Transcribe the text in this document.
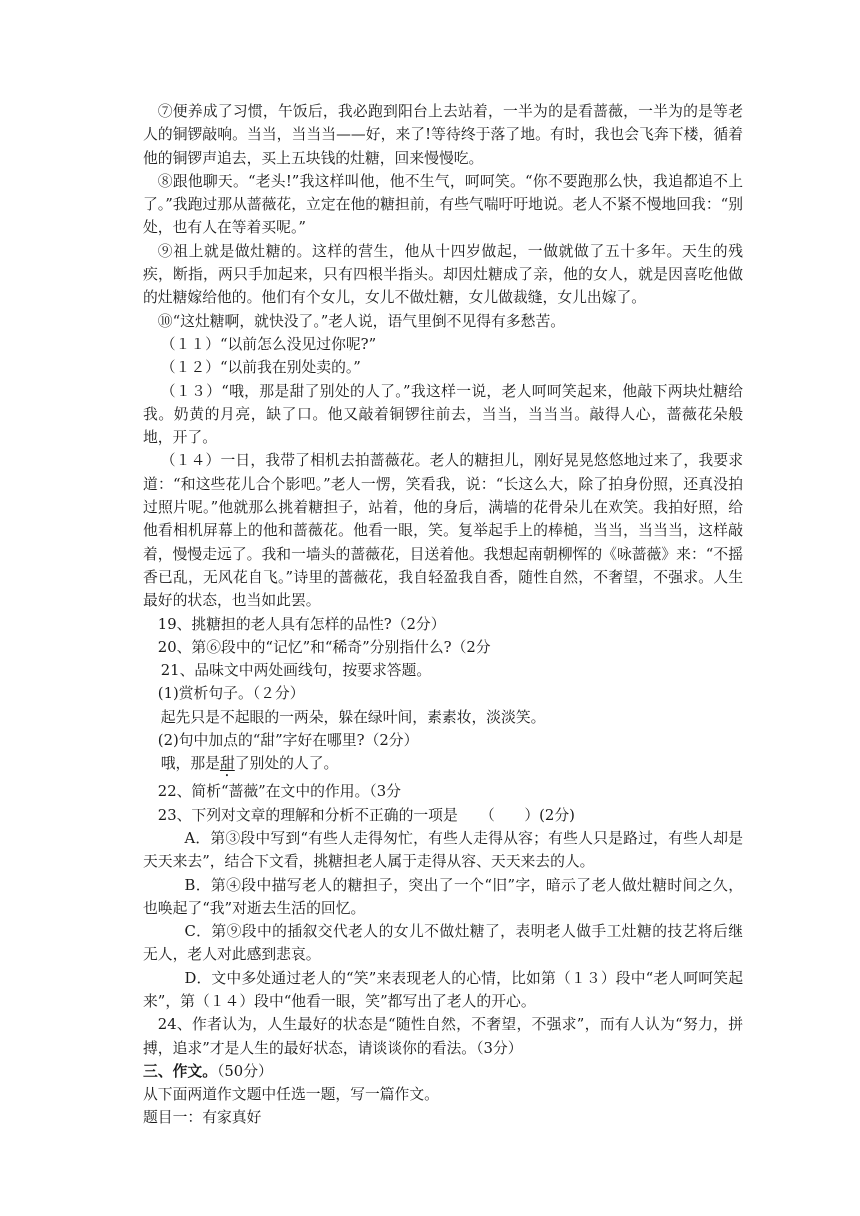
⑦便养成了习惯，午饭后，我必跑到阳台上去站着，一半为的是看蔷薇，一半为的是等老人的铜锣敲响。当当，当当当——好，来了!等待终于落了地。有时，我也会飞奔下楼，循着他的铜锣声追去，买上五块钱的灶糖，回来慢慢吃。

⑧跟他聊天。“老头!”我这样叫他，他不生气，呵呵笑。“你不要跑那么快，我追都追不上了。”我跑过那从蔷薇花，立定在他的糖担前，有些气喘吁吁地说。老人不紧不慢地回我：“别处，也有人在等着买呢。”

⑨祖上就是做灶糖的。这样的营生，他从十四岁做起，一做就做了五十多年。天生的残疾，断指，两只手加起来，只有四根半指头。却因灶糖成了亲，他的女人，就是因喜吃他做的灶糖嫁给他的。他们有个女儿，女儿不做灶糖，女儿做裁缝，女儿出嫁了。

⑩“这灶糖啊，就快没了。”老人说，语气里倒不见得有多愁苦。

（１１）“以前怎么没见过你呢?”

（１２）“以前我在别处卖的。”

（１３）“哦，那是甜了别处的人了。”我这样一说，老人呵呵笑起来，他敲下两块灶糖给我。奶黄的月亮，缺了口。他又敲着铜锣往前去，当当，当当当。敲得人心，蔷薇花朵般地，开了。

（１４）一日，我带了相机去拍蔷薇花。老人的糖担儿，刚好晃晃悠悠地过来了，我要求道：“和这些花儿合个影吧。”老人一愣，笑看我，说：“长这么大，除了拍身份照，还真没拍过照片呢。”他就那么挑着糖担子，站着，他的身后，满墙的花骨朵儿在欢笑。我拍好照，给他看相机屏幕上的他和蔷薇花。他看一眼，笑。复举起手上的棒槌，当当，当当当，这样敲着，慢慢走远了。我和一墙头的蔷薇花，目送着他。我想起南朝柳恽的《咏蔷薇》来：“不摇香已乱，无风花自飞。”诗里的蔷薇花，我自轻盈我自香，随性自然，不奢望，不强求。人生最好的状态，也当如此罢。

19、挑糖担的老人具有怎样的品性?（2分）

20、第⑥段中的“记忆”和“稀奇”分别指什么?（2分

21、品味文中两处画线句，按要求答题。

(1)赏析句子。（２分）

起先只是不起眼的一两朵，躲在绿叶间，素素妆，淡淡笑。

(2)句中加点的“甜”字好在哪里?（2分）

哦，那是甜了别处的人了。

22、简析“蔷薇”在文中的作用。（3分

23、下列对文章的理解和分析不正确的一项是　　（　　）(2分)

A．第③段中写到“有些人走得匆忙，有些人走得从容；有些人只是路过，有些人却是天天来去”，结合下文看，挑糖担老人属于走得从容、天天来去的人。

B．第④段中描写老人的糖担子，突出了一个“旧”字，暗示了老人做灶糖时间之久，也唤起了“我”对逝去生活的回忆。

C．第⑨段中的插叙交代老人的女儿不做灶糖了，表明老人做手工灶糖的技艺将后继无人，老人对此感到悲哀。

D．文中多处通过老人的“笑”来表现老人的心情，比如第（１３）段中“老人呵呵笑起来”，第（１４）段中“他看一眼，笑”都写出了老人的开心。

24、作者认为，人生最好的状态是“随性自然，不奢望，不强求”，而有人认为“努力，拼搏，追求”才是人生的最好状态，请谈谈你的看法。（3分）

三、作文。（50分）

从下面两道作文题中任选一题，写一篇作文。

题目一：有家真好
